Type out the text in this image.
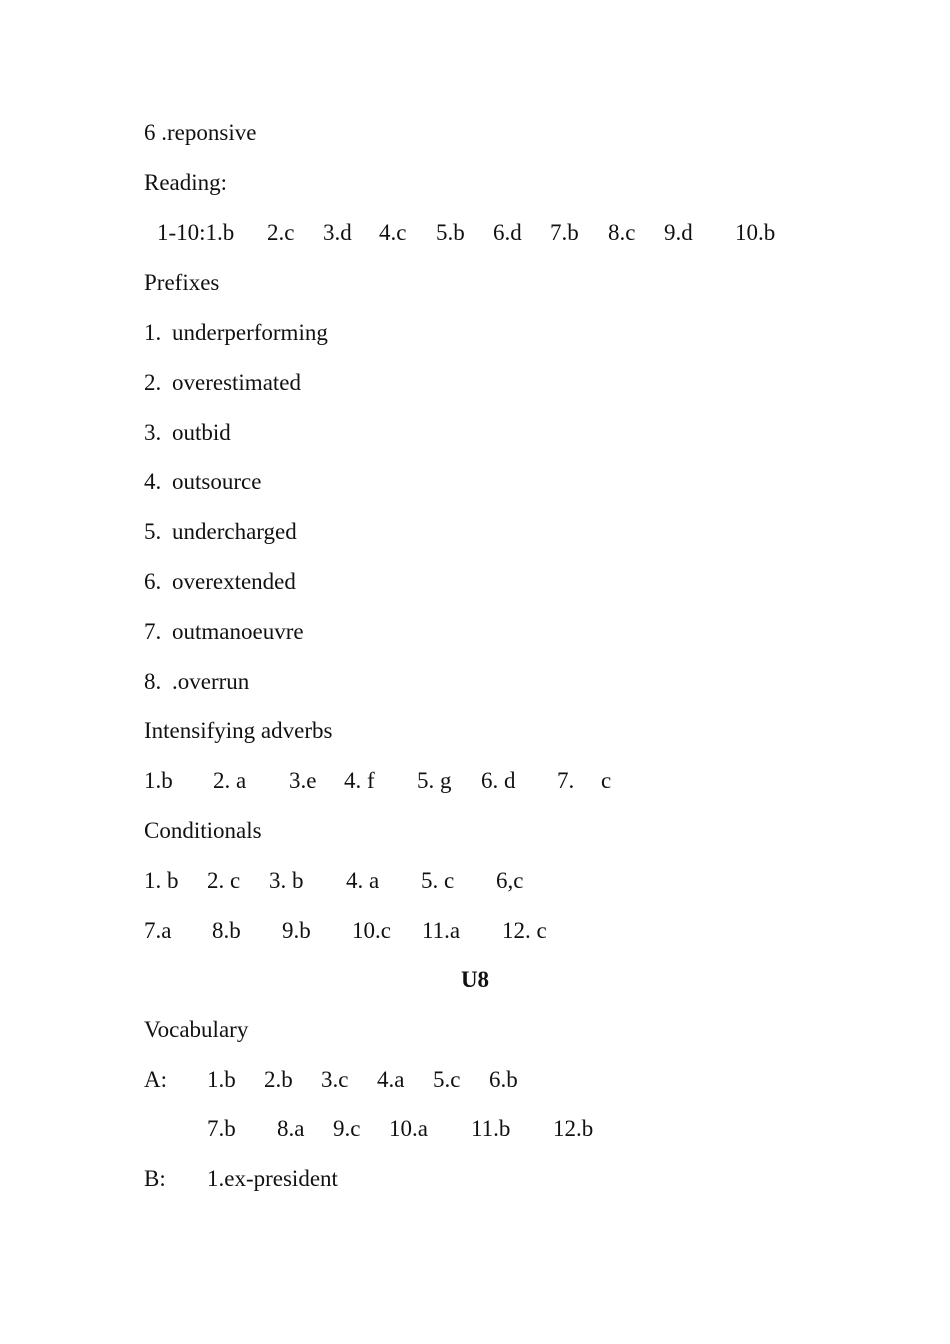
6 .reponsive
Reading:
1-10:1.b 2.c 3.d 4.c 5.b 6.d 7.b 8.c 9.d 10.b
Prefixes
1. underperforming
2. overestimated
3. outbid
4. outsource
5. undercharged
6. overextended
7. outmanoeuvre
8. .overrun
Intensifying adverbs
1.b 2. a 3.e 4. f 5. g 6. d 7. c
Conditionals
1. b 2. c 3. b 4. a 5. c 6,c
7.a 8.b 9.b 10.c 11.a 12. c
U8
Vocabulary
A: 1.b 2.b 3.c 4.a 5.c 6.b
7.b 8.a 9.c 10.a 11.b 12.b
B: 1.ex-president
